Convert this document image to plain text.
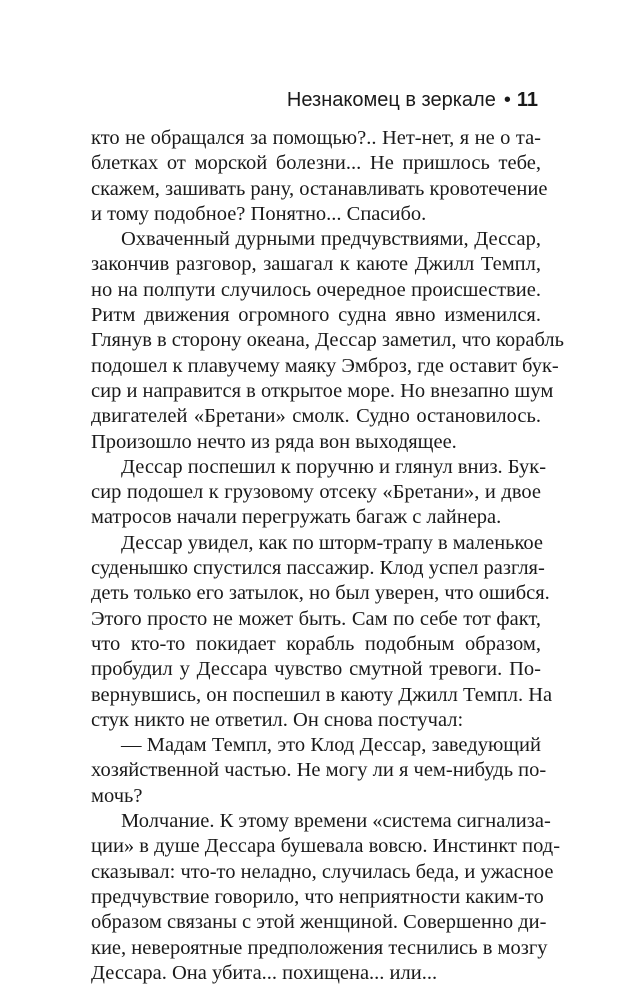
Незнакомец в зеркале • 11
кто не обращался за помощью?.. Нет-нет, я не о та-
блетках от морской болезни... Не пришлось тебе,
скажем, зашивать рану, останавливать кровотечение
и тому подобное? Понятно... Спасибо.
Охваченный дурными предчувствиями, Дессар,
закончив разговор, зашагал к каюте Джилл Темпл,
но на полпути случилось очередное происшествие.
Ритм движения огромного судна явно изменился.
Глянув в сторону океана, Дессар заметил, что корабль
подошел к плавучему маяку Эмброз, где оставит бук-
сир и направится в открытое море. Но внезапно шум
двигателей «Бретани» смолк. Судно остановилось.
Произошло нечто из ряда вон выходящее.
Дессар поспешил к поручню и глянул вниз. Бук-
сир подошел к грузовому отсеку «Бретани», и двое
матросов начали перегружать багаж с лайнера.
Дессар увидел, как по шторм-трапу в маленькое
суденышко спустился пассажир. Клод успел разгля-
деть только его затылок, но был уверен, что ошибся.
Этого просто не может быть. Сам по себе тот факт,
что кто-то покидает корабль подобным образом,
пробудил у Дессара чувство смутной тревоги. По-
вернувшись, он поспешил в каюту Джилл Темпл. На
стук никто не ответил. Он снова постучал:
— Мадам Темпл, это Клод Дессар, заведующий
хозяйственной частью. Не могу ли я чем-нибудь по-
мочь?
Молчание. К этому времени «система сигнализа-
ции» в душе Дессара бушевала вовсю. Инстинкт под-
сказывал: что-то неладно, случилась беда, и ужасное
предчувствие говорило, что неприятности каким-то
образом связаны с этой женщиной. Совершенно ди-
кие, невероятные предположения теснились в мозгу
Дессара. Она убита... похищена... или...
